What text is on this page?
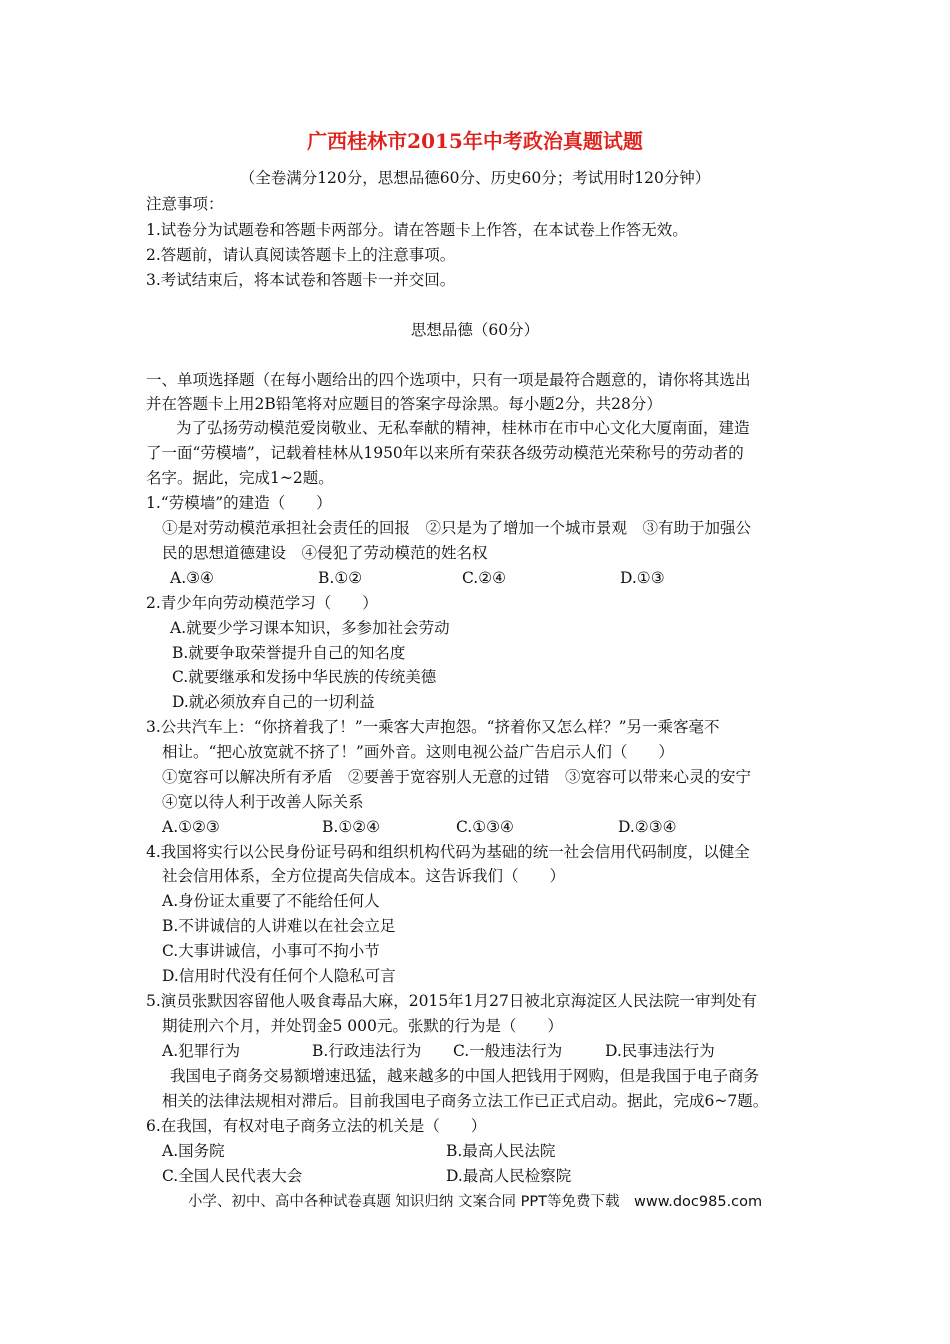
广西桂林市2015年中考政治真题试题
（全卷满分120分，思想品德60分、历史60分；考试用时120分钟）
注意事项：
1.试卷分为试题卷和答题卡两部分。请在答题卡上作答，在本试卷上作答无效。
2.答题前，请认真阅读答题卡上的注意事项。
3.考试结束后，将本试卷和答题卡一并交回。
思想品德（60分）
一、单项选择题（在每小题给出的四个选项中，只有一项是最符合题意的，请你将其选出
并在答题卡上用2B铅笔将对应题目的答案字母涂黑。每小题2分，共28分）
为了弘扬劳动模范爱岗敬业、无私奉献的精神，桂林市在市中心文化大厦南面，建造
了一面“劳模墙”，记载着桂林从1950年以来所有荣获各级劳动模范光荣称号的劳动者的
名字。据此，完成1~2题。
1.“劳模墙”的建造（　　）
①是对劳动模范承担社会责任的回报　②只是为了增加一个城市景观　③有助于加强公
民的思想道德建设　④侵犯了劳动模范的姓名权
A.③④	B.①②	C.②④	D.①③
2.青少年向劳动模范学习（　　）
A.就要少学习课本知识，多参加社会劳动
B.就要争取荣誉提升自己的知名度
C.就要继承和发扬中华民族的传统美德
D.就必须放弃自己的一切利益
3.公共汽车上：“你挤着我了！”一乘客大声抱怨。“挤着你又怎么样？”另一乘客毫不
相让。“把心放宽就不挤了！”画外音。这则电视公益广告启示人们（　　）
①宽容可以解决所有矛盾　②要善于宽容别人无意的过错　③宽容可以带来心灵的安宁
④宽以待人利于改善人际关系
A.①②③	B.①②④	C.①③④	D.②③④
4.我国将实行以公民身份证号码和组织机构代码为基础的统一社会信用代码制度，以健全
社会信用体系，全方位提高失信成本。这告诉我们（　　）
A.身份证太重要了不能给任何人
B.不讲诚信的人讲难以在社会立足
C.大事讲诚信，小事可不拘小节
D.信用时代没有任何个人隐私可言
5.演员张默因容留他人吸食毒品大麻，2015年1月27日被北京海淀区人民法院一审判处有
期徒刑六个月，并处罚金5 000元。张默的行为是（　　）
A.犯罪行为	B.行政违法行为 C.一般违法行为	D.民事违法行为
我国电子商务交易额增速迅猛，越来越多的中国人把钱用于网购，但是我国于电子商务
相关的法律法规相对滞后。目前我国电子商务立法工作已正式启动。据此，完成6~7题。
6.在我国，有权对电子商务立法的机关是（　　）
A.国务院	B.最高人民法院
C.全国人民代表大会	D.最高人民检察院
小学、初中、高中各种试卷真题 知识归纳 文案合同 PPT等免费下载　www.doc985.com
